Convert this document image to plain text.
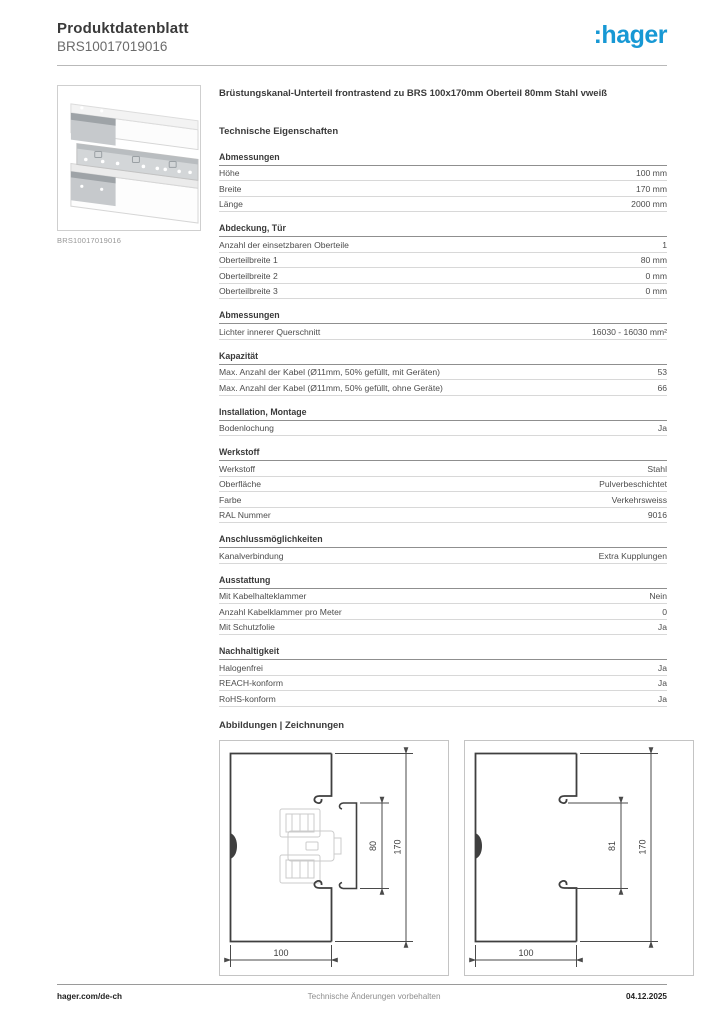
Produktdatenblatt
BRS10017019016	:hager
BRS10017019016
Brüstungskanal-Unterteil frontrastend zu BRS 100x170mm Oberteil 80mm Stahl vweiß
Technische Eigenschaften
Abmessungen
Höhe	100 mm
Breite	170 mm
Länge	2000 mm
Abdeckung, Tür
Anzahl der einsetzbaren Oberteile	1
Oberteilbreite 1	80 mm
Oberteilbreite 2	0 mm
Oberteilbreite 3	0 mm
Abmessungen
Lichter innerer Querschnitt	16030 - 16030 mm²
Kapazität
Max. Anzahl der Kabel (Ø11mm, 50% gefüllt, mit Geräten)	53
Max. Anzahl der Kabel (Ø11mm, 50% gefüllt, ohne Geräte)	66
Installation, Montage
Bodenlochung	Ja
Werkstoff
Werkstoff	Stahl
Oberfläche	Pulverbeschichtet
Farbe	Verkehrsweiss
RAL Nummer	9016
Anschlussmöglichkeiten
Kanalverbindung	Extra Kupplungen
Ausstattung
Mit Kabelhalteklammer	Nein
Anzahl Kabelklammer pro Meter	0
Mit Schutzfolie	Ja
Nachhaltigkeit
Halogenfrei	Ja
REACH-konform	Ja
RoHS-konform	Ja
Abbildungen | Zeichnungen
80 170
100
81 170
100
hager.com/de-ch	Technische Änderungen vorbehalten	04.12.2025
